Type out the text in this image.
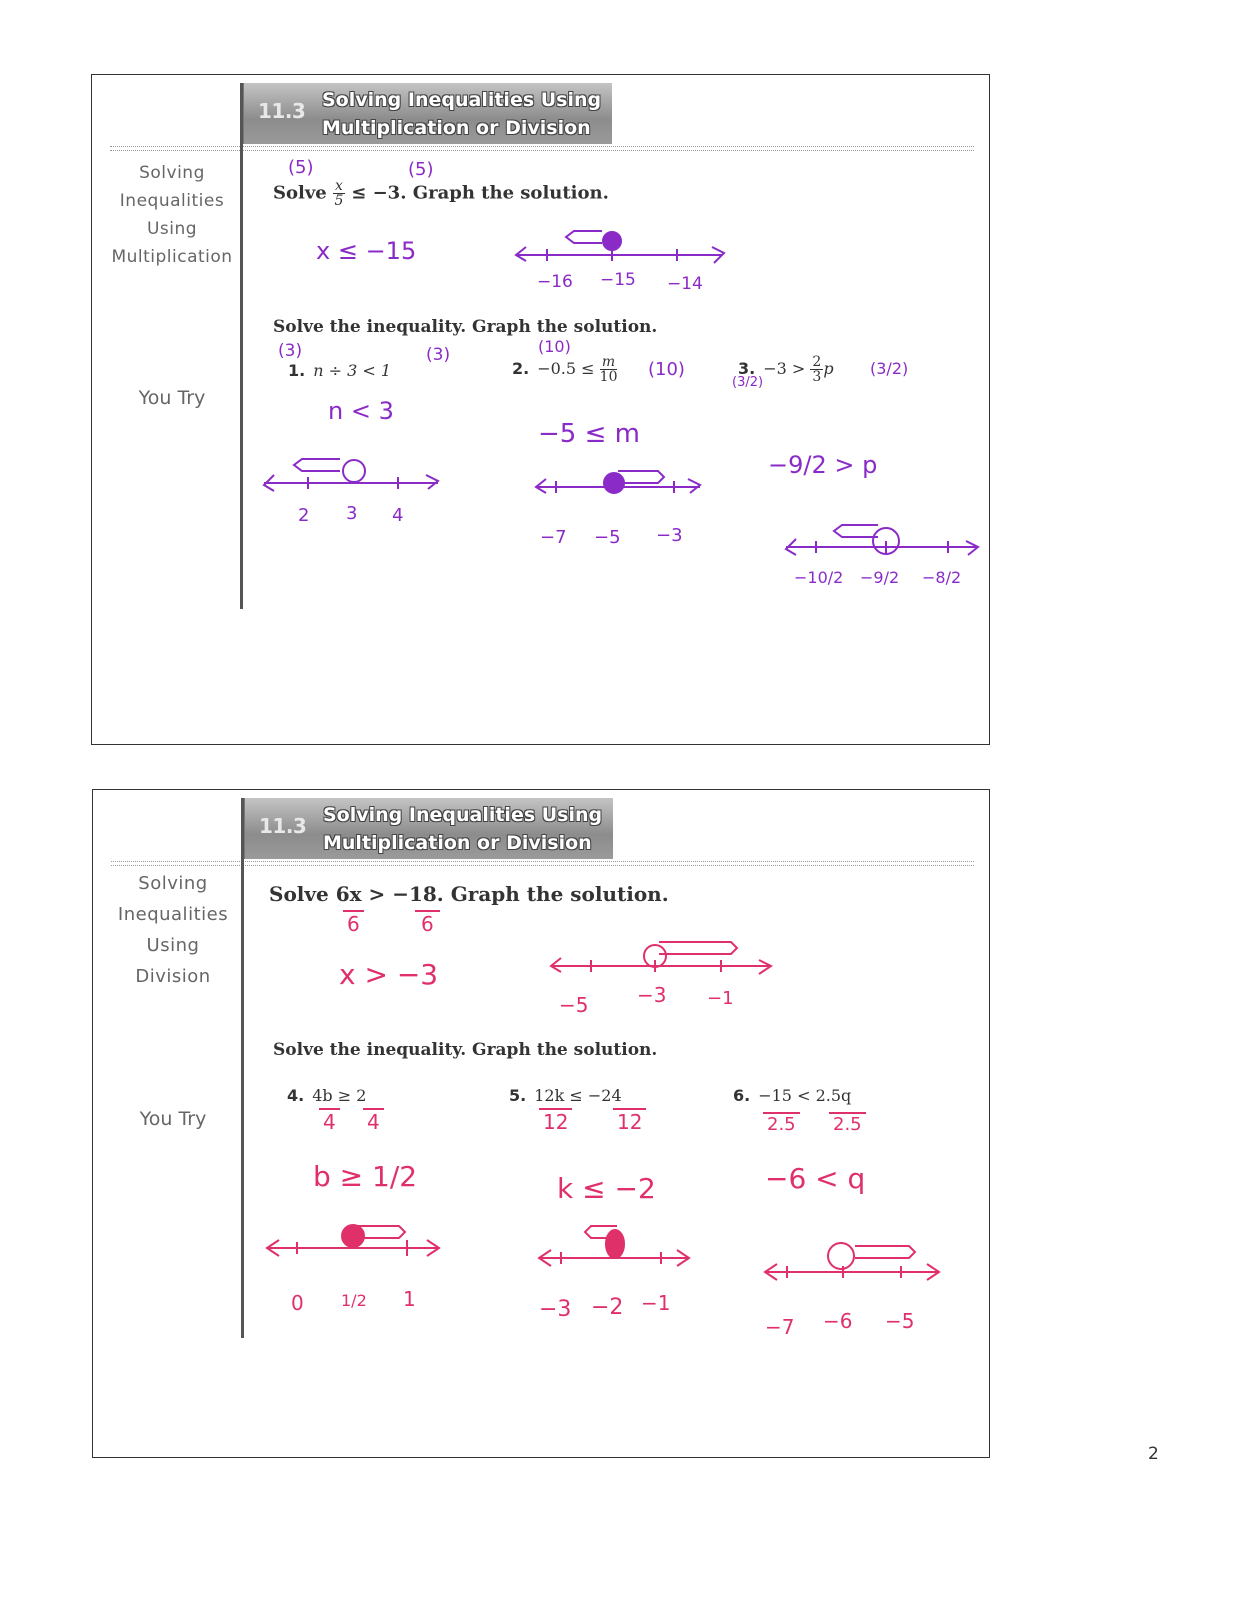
11.3 Solving Inequalities Using
Multiplication or Division
Solving
Inequalities
Using
Multiplication
You Try
Solve $\frac{x}{5} \le -3$. Graph the solution.
(5)	(5)
x ≤ −15
−16 −15 −14
Solve the inequality. Graph the solution.
1. n ÷ 3 < 1
(3)	(3)
n < 3
2 3 4
2. $-0.5 \le \frac{m}{10}$
(10)
(10)
−5 ≤ m
−7 −5 −3
3. $-3 > \frac{2}{3}$ p
(3/2)
(3/2)
−9/2 > p
−10/2 −9/2 −8/2
11.3 Solving Inequalities Using
Multiplication or Division
Solving
Inequalities
Using
Division
You Try
Solve 6x > −18. Graph the solution.
6	6
x > −3
−5 −3 −1
Solve the inequality. Graph the solution.
4. 4b ≥ 2
4 4
b ≥ 1/2
0 1/2 1
5. 12k ≤ −24
12 12
k ≤ −2
−3 −2 −1
6. −15 < 2.5q
2.5 2.5
−6 < q
−7 −6 −5
2
